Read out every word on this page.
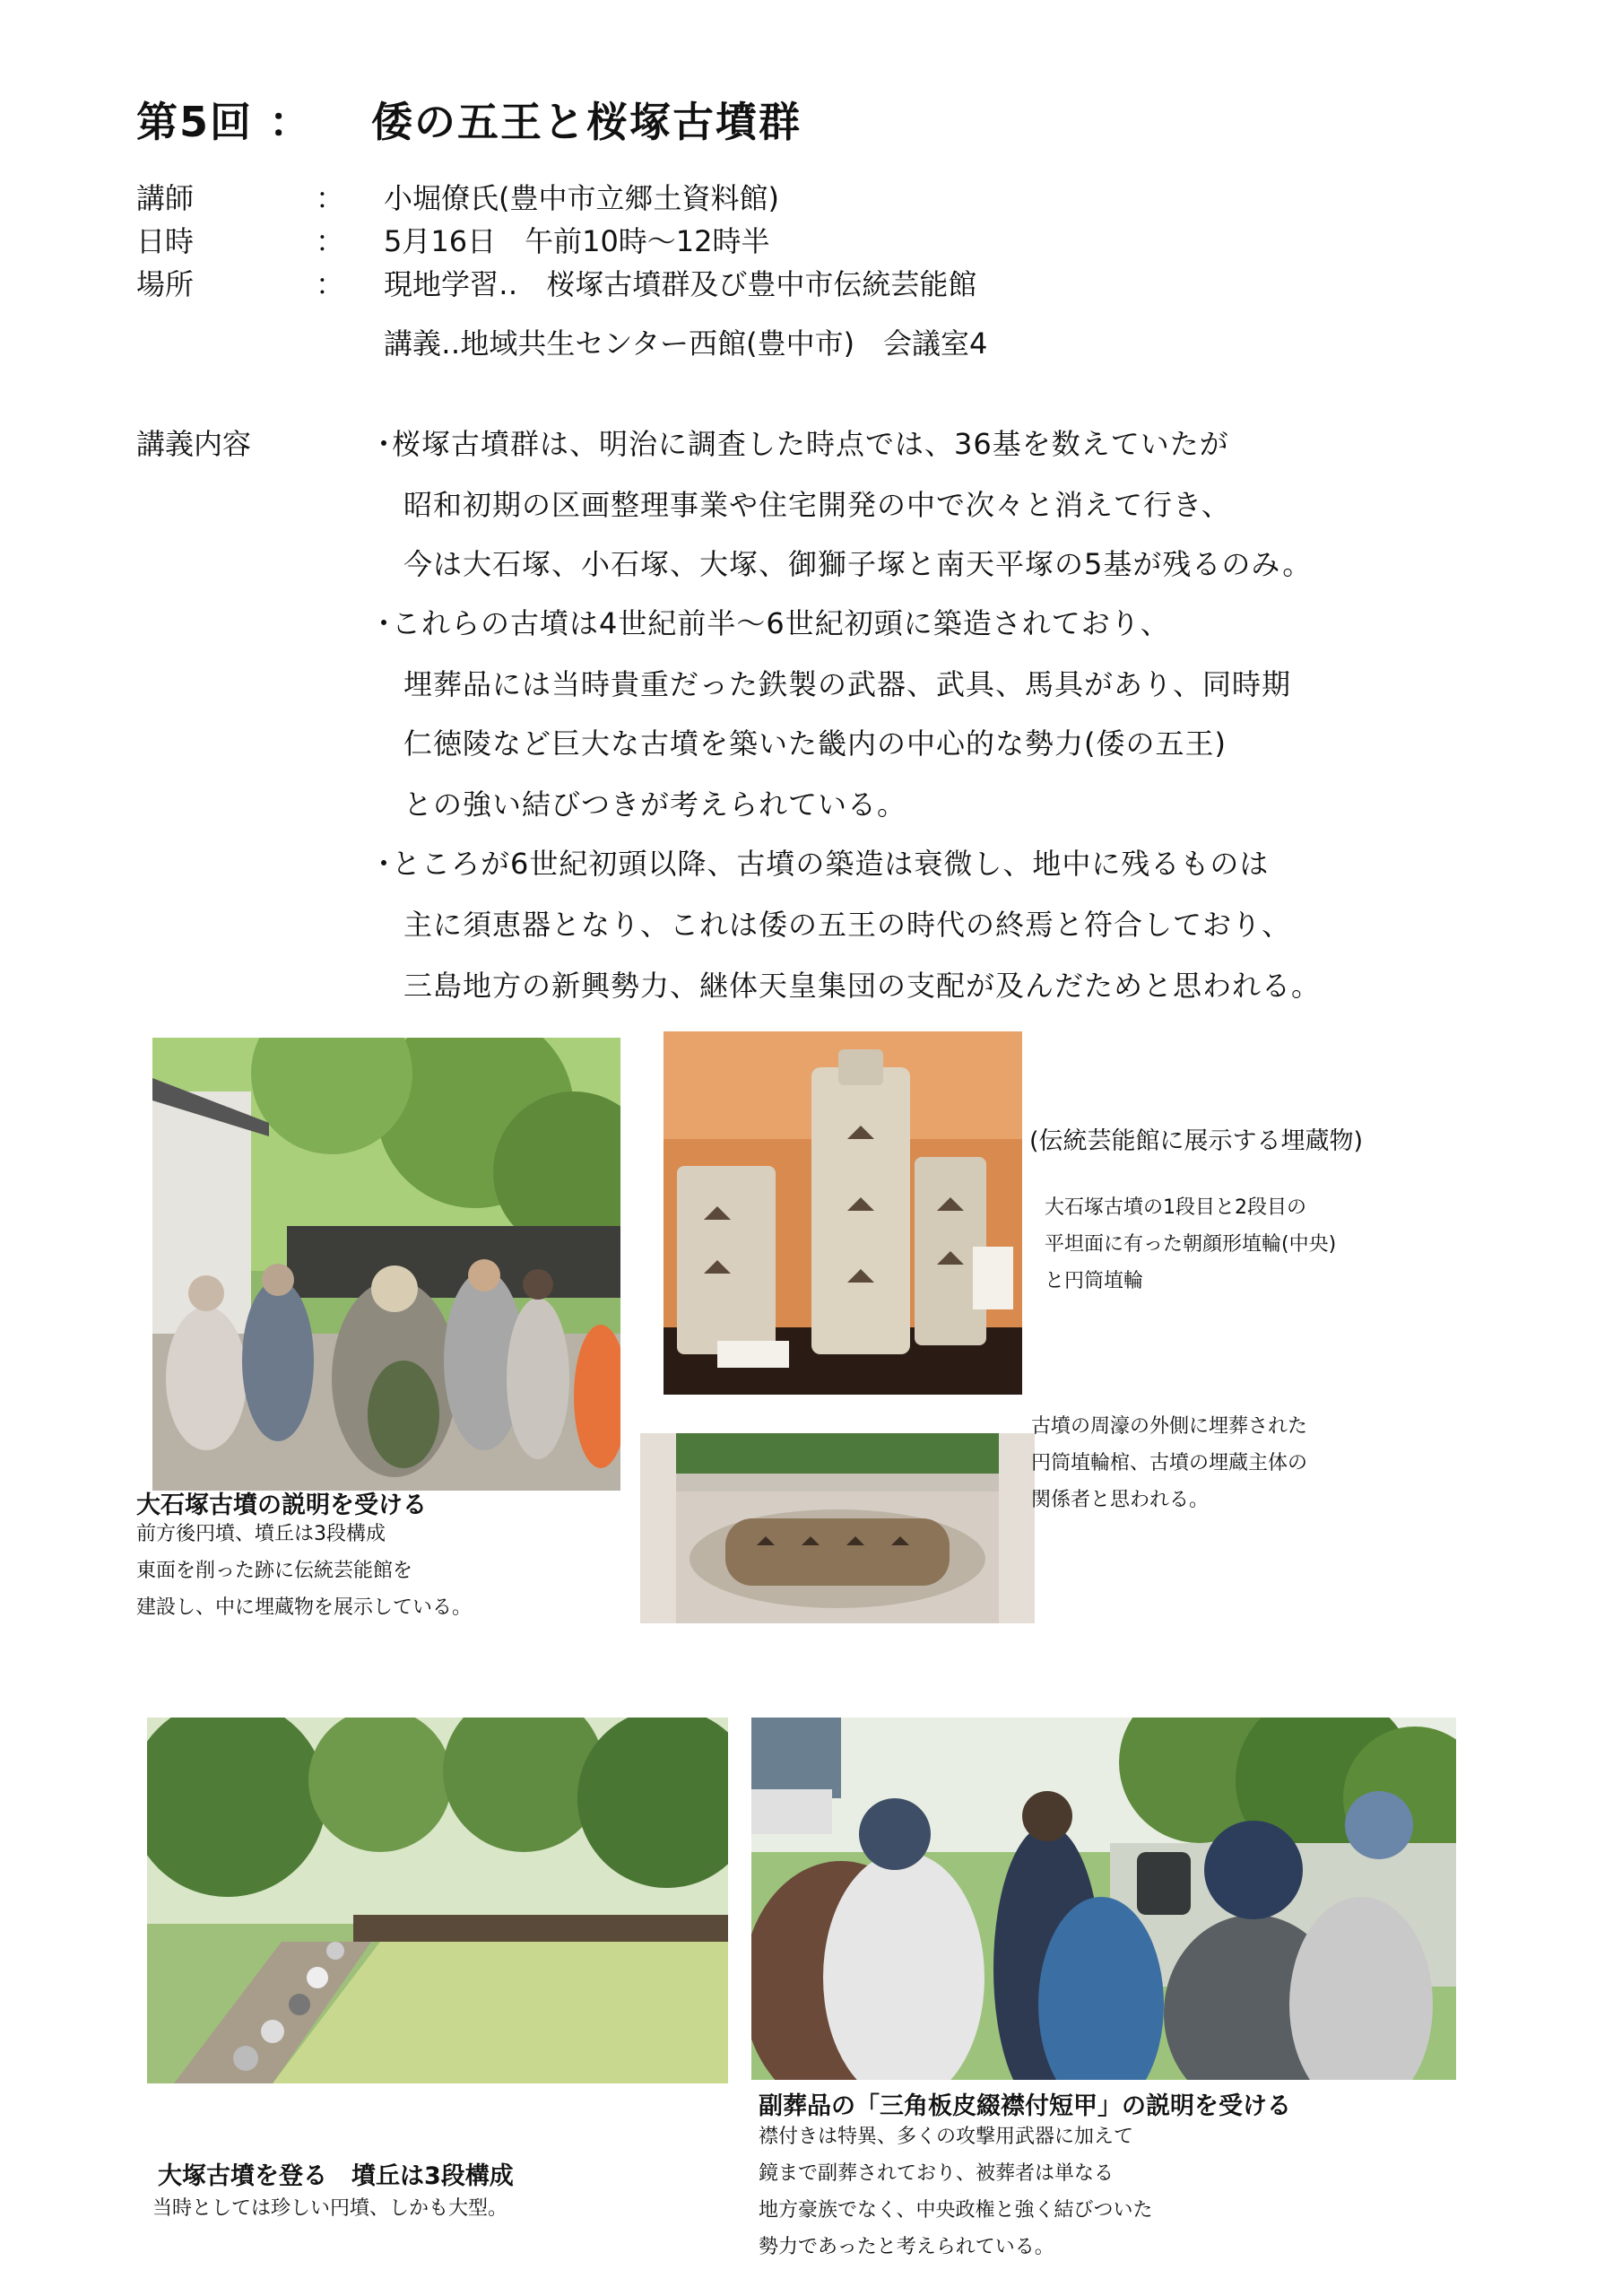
第5回 ： 倭の五王と桜塚古墳群
講師	： 小堀僚氏(豊中市立郷土資料館)
日時	： 5月16日　午前10時～12時半
場所	： 現地学習‥　桜塚古墳群及び豊中市伝統芸能館
講義‥地域共生センター西館(豊中市)　会議室4
講義内容	･桜塚古墳群は、明治に調査した時点では、36基を数えていたが
昭和初期の区画整理事業や住宅開発の中で次々と消えて行き、
今は大石塚、小石塚、大塚、御獅子塚と南天平塚の5基が残るのみ。
･これらの古墳は4世紀前半～6世紀初頭に築造されており、
埋葬品には当時貴重だった鉄製の武器、武具、馬具があり、同時期
仁徳陵など巨大な古墳を築いた畿内の中心的な勢力(倭の五王)
との強い結びつきが考えられている。
･ところが6世紀初頭以降、古墳の築造は衰微し、地中に残るものは
主に須恵器となり、これは倭の五王の時代の終焉と符合しており、
三島地方の新興勢力、継体天皇集団の支配が及んだためと思われる。
大石塚古墳の説明を受ける
前方後円墳、墳丘は3段構成
東面を削った跡に伝統芸能館を
建設し、中に埋蔵物を展示している。
(伝統芸能館に展示する埋蔵物)
大石塚古墳の1段目と2段目の
平坦面に有った朝顔形埴輪(中央)
と円筒埴輪
古墳の周濠の外側に埋葬された
円筒埴輪棺、古墳の埋蔵主体の
関係者と思われる。
大塚古墳を登る　墳丘は3段構成
当時としては珍しい円墳、しかも大型。
副葬品の「三角板皮綴襟付短甲」の説明を受ける
襟付きは特異、多くの攻撃用武器に加えて
鏡まで副葬されており、被葬者は単なる
地方豪族でなく、中央政権と強く結びついた
勢力であったと考えられている。
